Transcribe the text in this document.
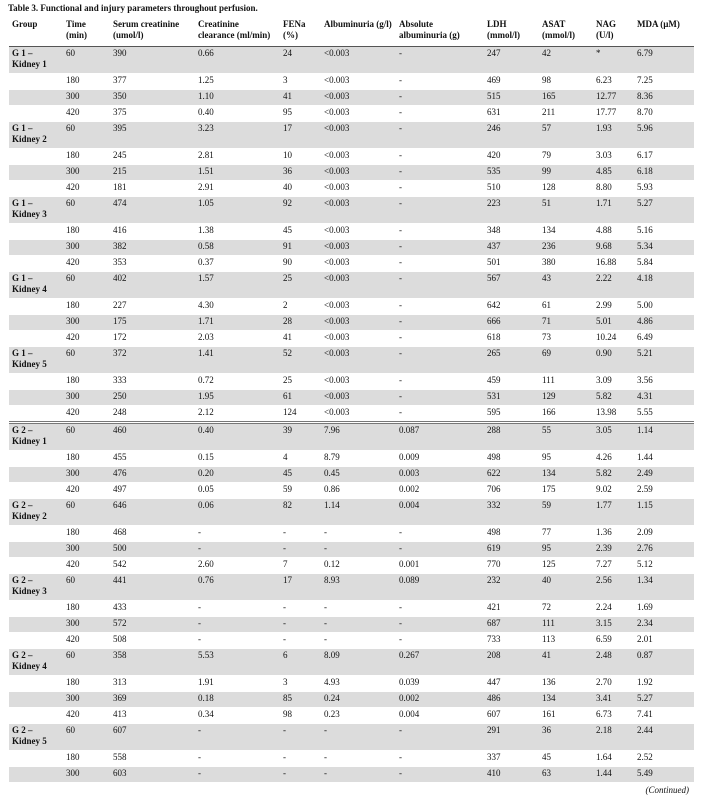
Table 3. Functional and injury parameters throughout perfusion.
Group	Time (min)	Serum creatinine (umol/l)	Creatinine clearance (ml/min)	FENa (%)	Albuminuria (g/l)	Absolute albuminuria (g)	LDH (mmol/l)	ASAT (mmol/l)	NAG (U/l)	MDA (µM)
G 1 – Kidney 1	60	390	0.66	24	<0.003	-	247	42	*	6.79
	180	377	1.25	3	<0.003	-	469	98	6.23	7.25
	300	350	1.10	41	<0.003	-	515	165	12.77	8.36
	420	375	0.40	95	<0.003	-	631	211	17.77	8.70
G 1 – Kidney 2	60	395	3.23	17	<0.003	-	246	57	1.93	5.96
	180	245	2.81	10	<0.003	-	420	79	3.03	6.17
	300	215	1.51	36	<0.003	-	535	99	4.85	6.18
	420	181	2.91	40	<0.003	-	510	128	8.80	5.93
G 1 – Kidney 3	60	474	1.05	92	<0.003	-	223	51	1.71	5.27
	180	416	1.38	45	<0.003	-	348	134	4.88	5.16
	300	382	0.58	91	<0.003	-	437	236	9.68	5.34
	420	353	0.37	90	<0.003	-	501	380	16.88	5.84
G 1 – Kidney 4	60	402	1.57	25	<0.003	-	567	43	2.22	4.18
	180	227	4.30	2	<0.003	-	642	61	2.99	5.00
	300	175	1.71	28	<0.003	-	666	71	5.01	4.86
	420	172	2.03	41	<0.003	-	618	73	10.24	6.49
G 1 – Kidney 5	60	372	1.41	52	<0.003	-	265	69	0.90	5.21
	180	333	0.72	25	<0.003	-	459	111	3.09	3.56
	300	250	1.95	61	<0.003	-	531	129	5.82	4.31
	420	248	2.12	124	<0.003	-	595	166	13.98	5.55
G 2 – Kidney 1	60	460	0.40	39	7.96	0.087	288	55	3.05	1.14
	180	455	0.15	4	8.79	0.009	498	95	4.26	1.44
	300	476	0.20	45	0.45	0.003	622	134	5.82	2.49
	420	497	0.05	59	0.86	0.002	706	175	9.02	2.59
G 2 – Kidney 2	60	646	0.06	82	1.14	0.004	332	59	1.77	1.15
	180	468	-	-	-	-	498	77	1.36	2.09
	300	500	-	-	-	-	619	95	2.39	2.76
	420	542	2.60	7	0.12	0.001	770	125	7.27	5.12
G 2 – Kidney 3	60	441	0.76	17	8.93	0.089	232	40	2.56	1.34
	180	433	-	-	-	-	421	72	2.24	1.69
	300	572	-	-	-	-	687	111	3.15	2.34
	420	508	-	-	-	-	733	113	6.59	2.01
G 2 – Kidney 4	60	358	5.53	6	8.09	0.267	208	41	2.48	0.87
	180	313	1.91	3	4.93	0.039	447	136	2.70	1.92
	300	369	0.18	85	0.24	0.002	486	134	3.41	5.27
	420	413	0.34	98	0.23	0.004	607	161	6.73	7.41
G 2 – Kidney 5	60	607	-	-	-	-	291	36	2.18	2.44
	180	558	-	-	-	-	337	45	1.64	2.52
	300	603	-	-	-	-	410	63	1.44	5.49
(Continued)
